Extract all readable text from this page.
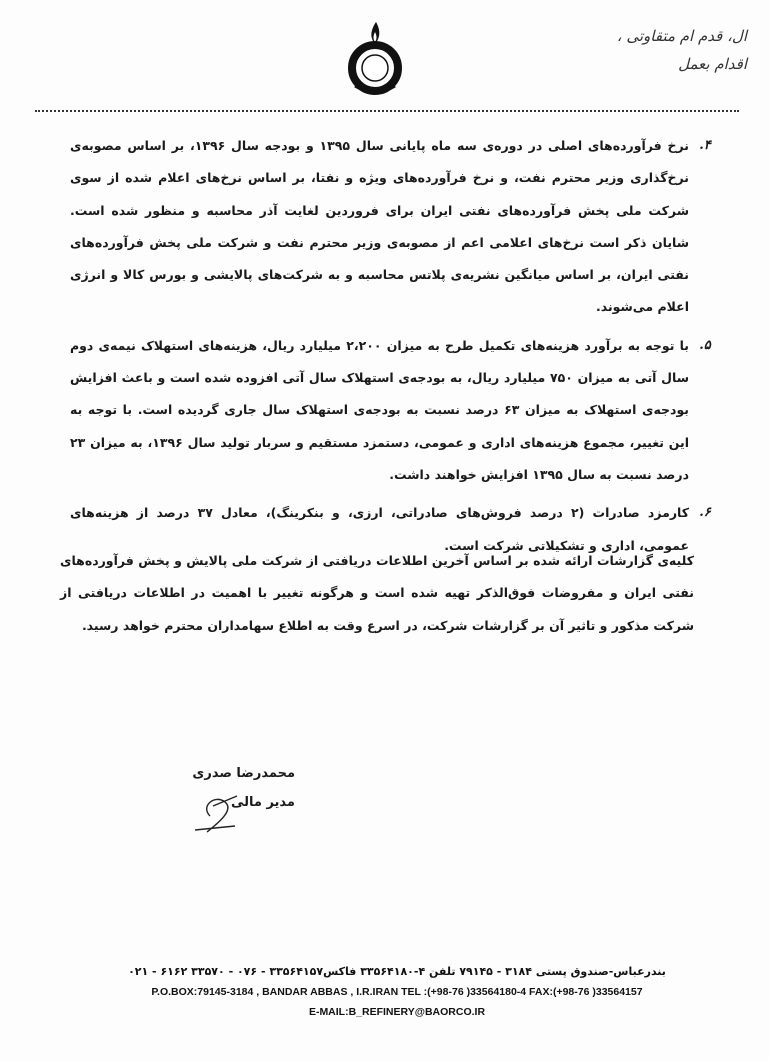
ال، قدم ام متقاوتی ،
اقدام بعمل
۴.
نرخ فرآورده‌های اصلی در دوره‌ی سه ماه پایانی سال ۱۳۹۵ و بودجه سال ۱۳۹۶، بر اساس مصوبه‌ی نرخ‌گذاری وزیر محترم نفت، و نرخ فرآورده‌های ویژه و نفتا، بر اساس نرخ‌های اعلام شده از سوی شرکت ملی پخش فرآورده‌های نفتی ایران برای فروردین لغایت آذر محاسبه و منظور شده است. شایان ذکر است نرخ‌های اعلامی اعم از مصوبه‌ی وزیر محترم نفت و شرکت ملی پخش فرآورده‌های نفتی ایران، بر اساس میانگین نشریه‌ی پلاتس محاسبه و به شرکت‌های پالایشی و بورس کالا و انرژی اعلام می‌شوند.
۵.
با توجه به برآورد هزینه‌های تکمیل طرح به میزان ۲،۲۰۰ میلیارد ریال، هزینه‌های استهلاک نیمه‌ی دوم سال آتی به میزان ۷۵۰ میلیارد ریال، به بودجه‌ی استهلاک سال آتی افزوده شده است و باعث افزایش بودجه‌ی استهلاک به میزان ۶۳ درصد نسبت به بودجه‌ی استهلاک سال جاری گردیده است. با توجه به این تغییر، مجموع هزینه‌های اداری و عمومی، دستمزد مستقیم و سربار تولید سال ۱۳۹۶، به میزان ۲۳ درصد نسبت به سال ۱۳۹۵ افزایش خواهند داشت.
۶.
کارمزد صادرات (۲ درصد فروش‌های صادراتی، ارزی، و بنکرینگ)، معادل ۳۷ درصد از هزینه‌های عمومی، اداری و تشکیلاتی شرکت است.
کلیه‌ی گزارشات ارائه شده بر اساس آخرین اطلاعات دریافتی از شرکت ملی پالایش و پخش فرآورده‌های نفتی ایران و مفروضات فوق‌الذکر تهیه شده است و هرگونه تغییر با اهمیت در اطلاعات دریافتی از شرکت مذکور و تاثیر آن بر گزارشات شرکت، در اسرع وقت به اطلاع سهامداران محترم خواهد رسید.
محمدرضا صدری
مدیر مالی
بندرعباس-صندوق پستی ۳۱۸۴ - ۷۹۱۴۵ تلفن ۴-۳۳۵۶۴۱۸۰ فاکس۳۳۵۶۴۱۵۷ - ۰۷۶ - ۳۳۵۷۰ ۶۱۶۲ - ۰۲۱
P.O.BOX:79145-3184 , BANDAR ABBAS , I.R.IRAN TEL :(+98-76 )33564180-4 FAX:(+98-76 )33564157
E-MAIL:B_REFINERY@BAORCO.IR
